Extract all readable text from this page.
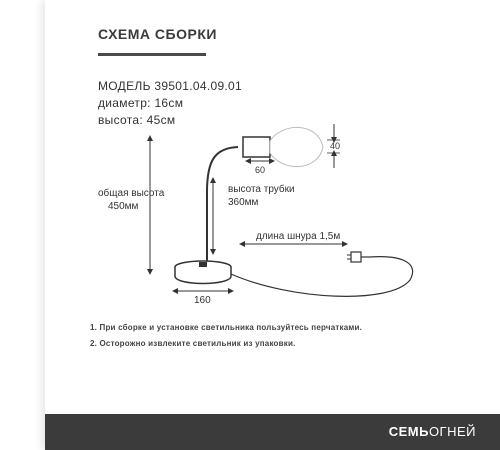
СХЕМА СБОРКИ
МОДЕЛЬ 39501.04.09.01
диаметр: 16см
высота: 45см
общая высота
450мм
высота трубки
360мм
длина шнура 1,5м
160
60
40
1. При сборке и установке светильника пользуйтесь перчатками.
2. Осторожно извлеките светильник из упаковки.
СЕМЬОГНЕЙ
